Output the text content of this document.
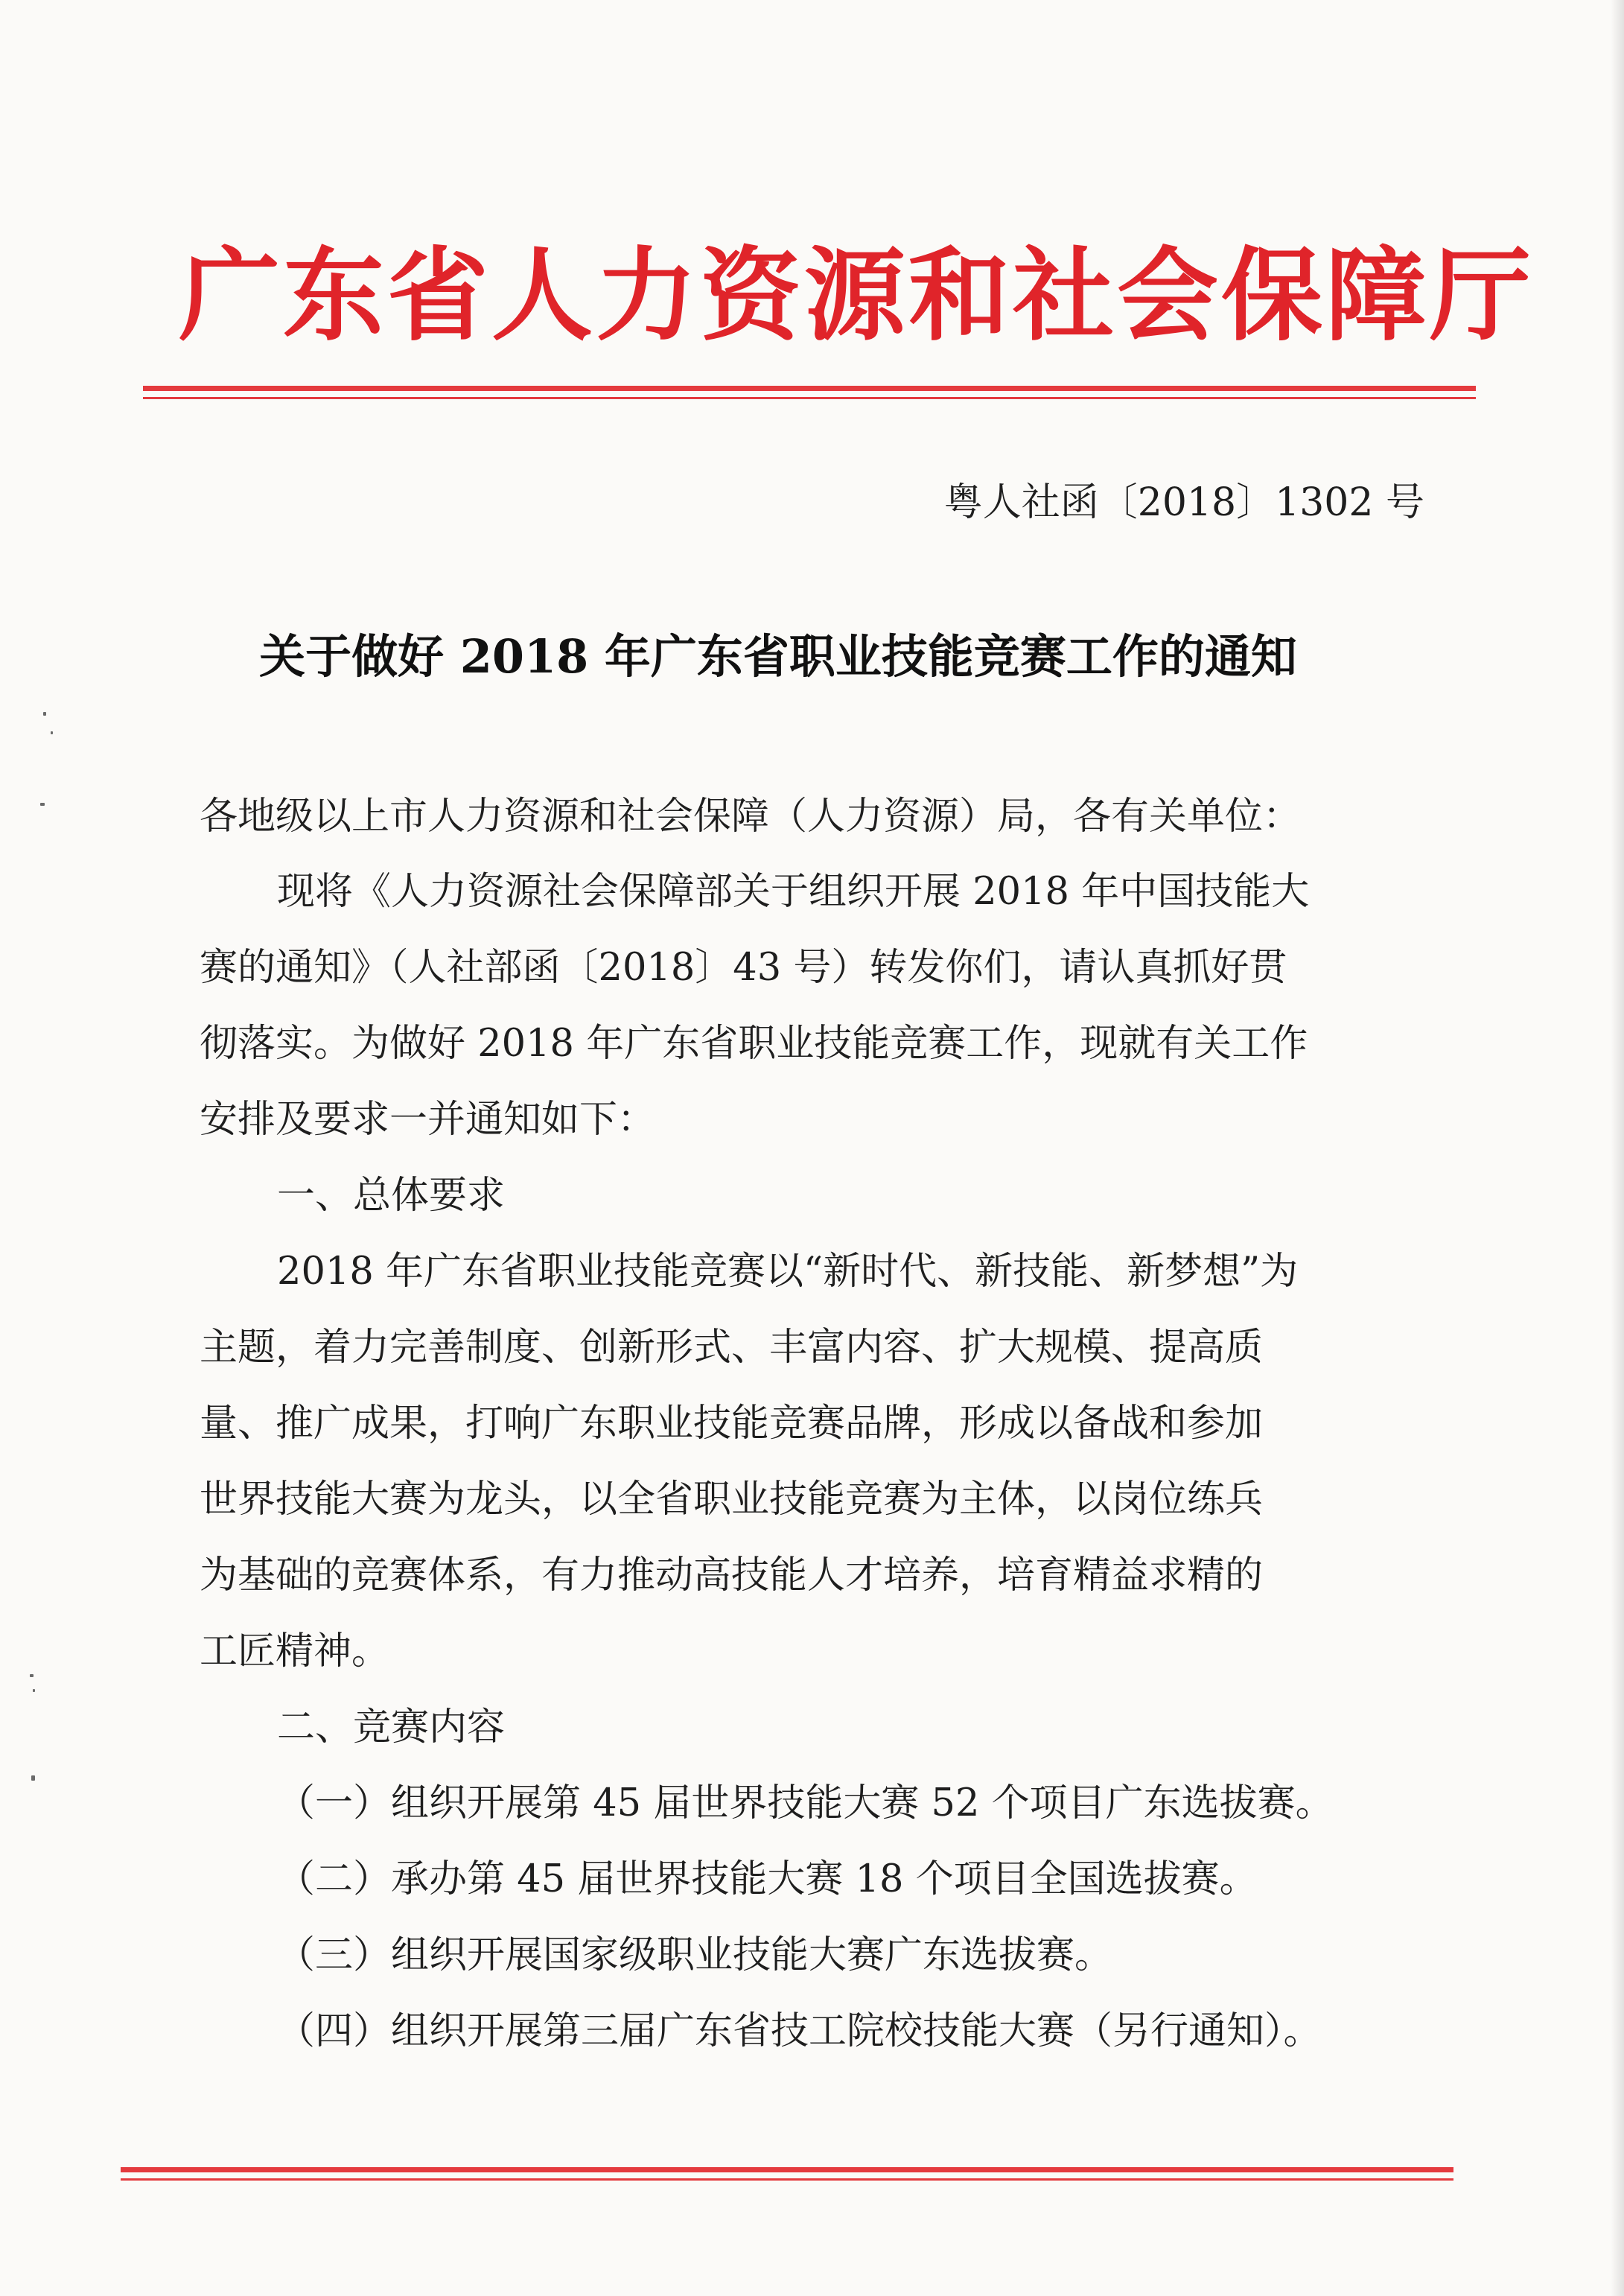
广东省人力资源和社会保障厅
粤人社函〔2018〕1302 号
关于做好 2018 年广东省职业技能竞赛工作的通知
各地级以上市人力资源和社会保障（人力资源）局，各有关单位：
现将《人力资源社会保障部关于组织开展 2018 年中国技能大
赛的通知》（人社部函〔2018〕43 号）转发你们，请认真抓好贯
彻落实。为做好 2018 年广东省职业技能竞赛工作，现就有关工作
安排及要求一并通知如下：
一、总体要求
2018 年广东省职业技能竞赛以“新时代、新技能、新梦想”为
主题，着力完善制度、创新形式、丰富内容、扩大规模、提高质
量、推广成果，打响广东职业技能竞赛品牌，形成以备战和参加
世界技能大赛为龙头，以全省职业技能竞赛为主体，以岗位练兵
为基础的竞赛体系，有力推动高技能人才培养，培育精益求精的
工匠精神。
二、竞赛内容
（一）组织开展第 45 届世界技能大赛 52 个项目广东选拔赛。
（二）承办第 45 届世界技能大赛 18 个项目全国选拔赛。
（三）组织开展国家级职业技能大赛广东选拔赛。
（四）组织开展第三届广东省技工院校技能大赛（另行通知）。
